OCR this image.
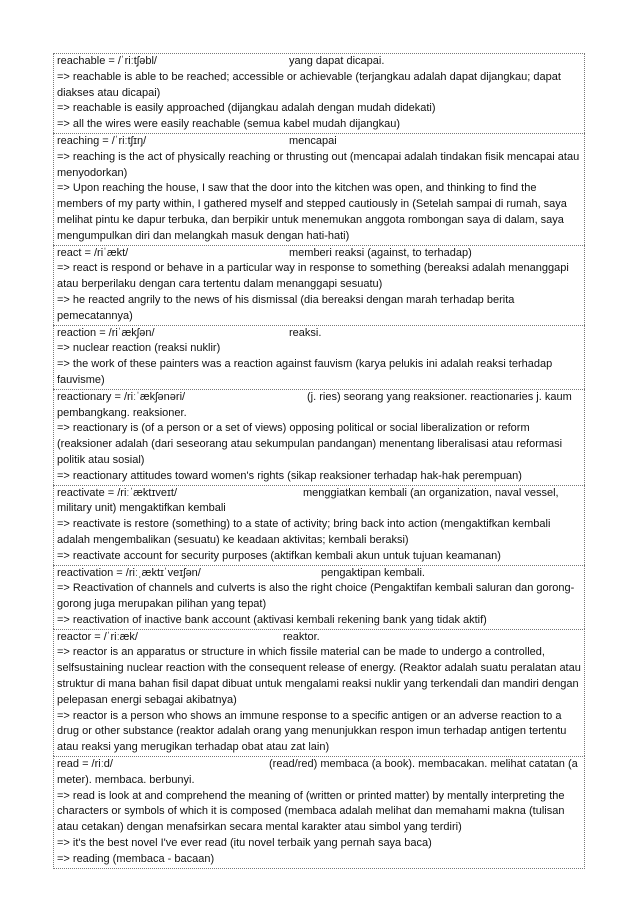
reachable = /ˈriːtʃəbl/	yang dapat dicapai.
=> reachable is able to be reached; accessible or achievable (terjangkau adalah dapat dijangkau; dapat diakses atau dicapai)
=> reachable is easily approached (dijangkau adalah dengan mudah didekati)
=> all the wires were easily reachable (semua kabel mudah dijangkau)
reaching = /ˈriːtʃɪŋ/	mencapai
=> reaching is the act of physically reaching or thrusting out (mencapai adalah tindakan fisik mencapai atau menyodorkan)
=> Upon reaching the house, I saw that the door into the kitchen was open, and thinking to find the members of my party within, I gathered myself and stepped cautiously in (Setelah sampai di rumah, saya melihat pintu ke dapur terbuka, dan berpikir untuk menemukan anggota rombongan saya di dalam, saya mengumpulkan diri dan melangkah masuk dengan hati-hati)
react = /riˈækt/	memberi reaksi (against, to terhadap)
=> react is respond or behave in a particular way in response to something (bereaksi adalah menanggapi atau berperilaku dengan cara tertentu dalam menanggapi sesuatu)
=> he reacted angrily to the news of his dismissal (dia bereaksi dengan marah terhadap berita pemecatannya)
reaction = /riˈækʃən/	reaksi.
=> nuclear reaction (reaksi nuklir)
=> the work of these painters was a reaction against fauvism (karya pelukis ini adalah reaksi terhadap fauvisme)
reactionary = /riːˈækʃənəri/	(j. ries) seorang yang reaksioner. reactionaries j. kaum
pembangkang. reaksioner.
=> reactionary is (of a person or a set of views) opposing political or social liberalization or reform (reaksioner adalah (dari seseorang atau sekumpulan pandangan) menentang liberalisasi atau reformasi politik atau sosial)
=> reactionary attitudes toward women's rights (sikap reaksioner terhadap hak-hak perempuan)
reactivate = /riːˈæktɪveɪt/	menggiatkan kembali (an organization, naval vessel,
military unit) mengaktifkan kembali
=> reactivate is restore (something) to a state of activity; bring back into action (mengaktifkan kembali adalah mengembalikan (sesuatu) ke keadaan aktivitas; kembali beraksi)
=> reactivate account for security purposes (aktifkan kembali akun untuk tujuan keamanan)
reactivation = /riːˌæktɪˈveɪʃən/	pengaktipan kembali.
=> Reactivation of channels and culverts is also the right choice (Pengaktifan kembali saluran dan gorong-gorong juga merupakan pilihan yang tepat)
=> reactivation of inactive bank account (aktivasi kembali rekening bank yang tidak aktif)
reactor = /ˈriːæk/	reaktor.
=> reactor is an apparatus or structure in which fissile material can be made to undergo a controlled, selfsustaining nuclear reaction with the consequent release of energy. (Reaktor adalah suatu peralatan atau struktur di mana bahan fisil dapat dibuat untuk mengalami reaksi nuklir yang terkendali dan mandiri dengan pelepasan energi sebagai akibatnya)
=> reactor is a person who shows an immune response to a specific antigen or an adverse reaction to a drug or other substance (reaktor adalah orang yang menunjukkan respon imun terhadap antigen tertentu atau reaksi yang merugikan terhadap obat atau zat lain)
read = /riːd/	(read/red) membaca (a book). membacakan. melihat catatan (a
meter). membaca. berbunyi.
=> read is look at and comprehend the meaning of (written or printed matter) by mentally interpreting the characters or symbols of which it is composed (membaca adalah melihat dan memahami makna (tulisan atau cetakan) dengan menafsirkan secara mental karakter atau simbol yang terdiri)
=> it's the best novel I've ever read (itu novel terbaik yang pernah saya baca)
=> reading (membaca - bacaan)
